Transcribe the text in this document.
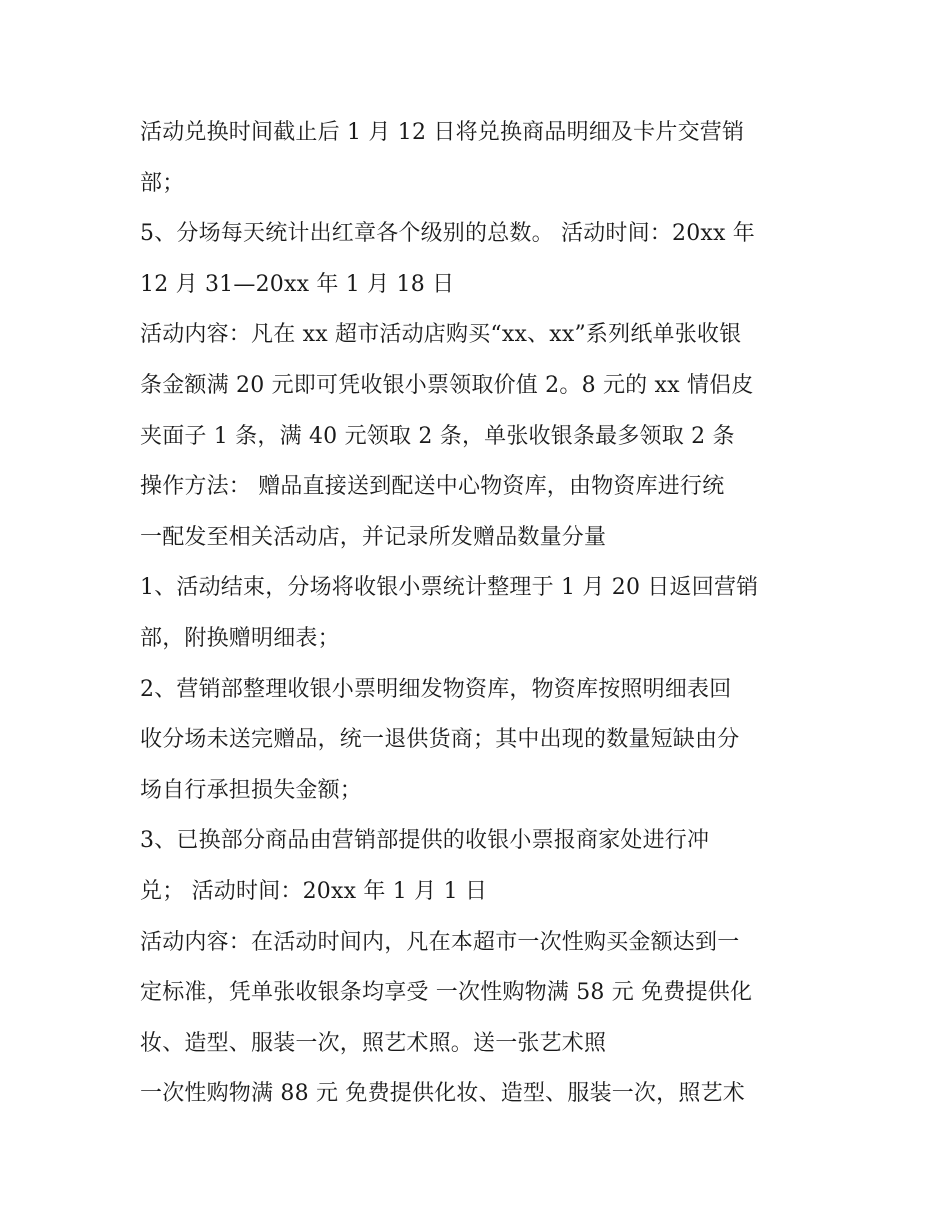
活动兑换时间截止后 1 月 12 日将兑换商品明细及卡片交营销
部；
5、分场每天统计出红章各个级别的总数。 活动时间：20xx 年
12 月 31—20xx 年 1 月 18 日
活动内容：凡在 xx 超市活动店购买“xx、xx”系列纸单张收银
条金额满 20 元即可凭收银小票领取价值 2。8 元的 xx 情侣皮
夹面子 1 条，满 40 元领取 2 条，单张收银条最多领取 2 条
操作方法： 赠品直接送到配送中心物资库，由物资库进行统
一配发至相关活动店，并记录所发赠品数量分量
1、活动结束，分场将收银小票统计整理于 1 月 20 日返回营销
部，附换赠明细表；
2、营销部整理收银小票明细发物资库，物资库按照明细表回
收分场未送完赠品，统一退供货商；其中出现的数量短缺由分
场自行承担损失金额；
3、已换部分商品由营销部提供的收银小票报商家处进行冲
兑； 活动时间：20xx 年 1 月 1 日
活动内容：在活动时间内，凡在本超市一次性购买金额达到一
定标准，凭单张收银条均享受 一次性购物满 58 元 免费提供化
妆、造型、服装一次，照艺术照。送一张艺术照
一次性购物满 88 元 免费提供化妆、造型、服装一次，照艺术
